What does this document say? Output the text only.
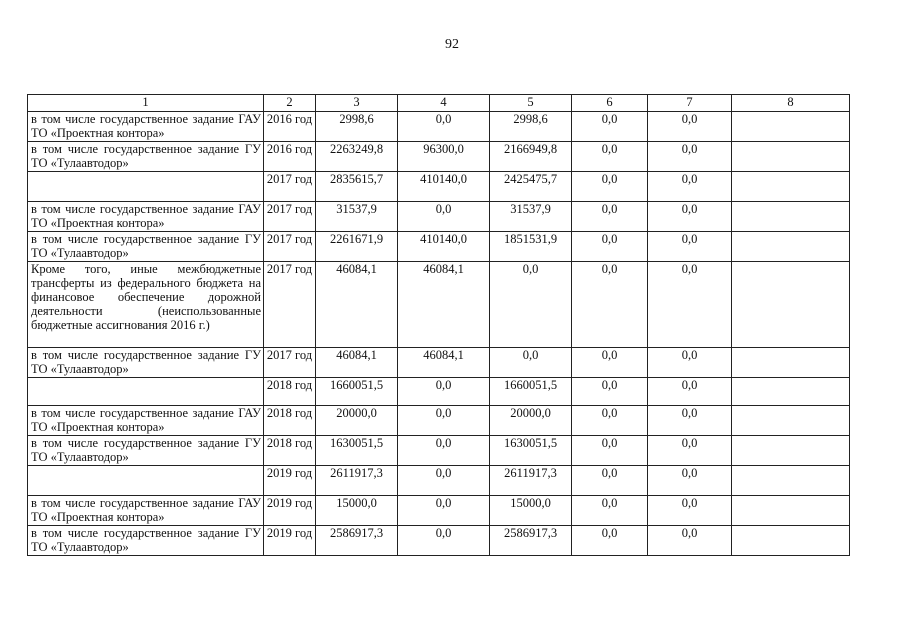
92
1	2	3	4	5	6	7	8
в том числе государственное задание ГАУ ТО «Проектная контора»	2016 год	2998,6	0,0	2998,6	0,0	0,0	
в том числе государственное задание ГУ ТО «Тулаавтодор»	2016 год	2263249,8	96300,0	2166949,8	0,0	0,0	
	2017 год	2835615,7	410140,0	2425475,7	0,0	0,0	
в том числе государственное задание ГАУ ТО «Проектная контора»	2017 год	31537,9	0,0	31537,9	0,0	0,0	
в том числе государственное задание ГУ ТО «Тулаавтодор»	2017 год	2261671,9	410140,0	1851531,9	0,0	0,0	
Кроме того, иные межбюджетные трансферты из федерального бюджета на финансовое обеспечение дорожной деятельности (неиспользованные бюджетные ассигнования 2016 г.)	2017 год	46084,1	46084,1	0,0	0,0	0,0	
в том числе государственное задание ГУ ТО «Тулаавтодор»	2017 год	46084,1	46084,1	0,0	0,0	0,0	
	2018 год	1660051,5	0,0	1660051,5	0,0	0,0	
в том числе государственное задание ГАУ ТО «Проектная контора»	2018 год	20000,0	0,0	20000,0	0,0	0,0	
в том числе государственное задание ГУ ТО «Тулаавтодор»	2018 год	1630051,5	0,0	1630051,5	0,0	0,0	
	2019 год	2611917,3	0,0	2611917,3	0,0	0,0	
в том числе государственное задание ГАУ ТО «Проектная контора»	2019 год	15000,0	0,0	15000,0	0,0	0,0	
в том числе государственное задание ГУ ТО «Тулаавтодор»	2019 год	2586917,3	0,0	2586917,3	0,0	0,0	
